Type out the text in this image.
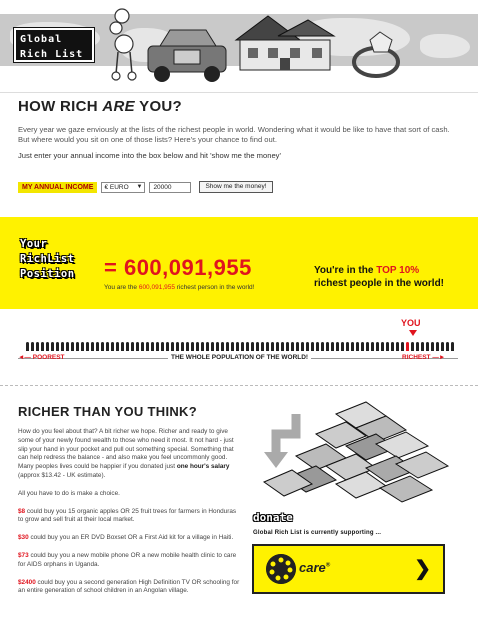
Global
Rich List
HOW RICH ARE YOU?

Every year we gaze enviously at the lists of the richest people in world. Wondering what it would be like to have that sort of cash. But where would you sit on one of those lists? Here's your chance to find out.

Just enter your annual income into the box below and hit 'show me the money'

MY ANNUAL INCOME	€ EURO ▼	20000	Show me the money!
Your
RichList
Position	= 600,091,955
You are the 600,091,955 richest person in the world!
You're in the TOP 10%
richest people in the world!
YOU
◄— POOREST	THE WHOLE POPULATION OF THE WORLD!	RICHEST —►
RICHER THAN YOU THINK?

How do you feel about that? A bit richer we hope. Richer and ready to give some of your newly found wealth to those who need it most. It not hard - just slip your hand in your pocket and pull out something special. Something that can help redress the balance - and also make you feel uncommonly good. Many peoples lives could be happier if you donated just one hour's salary (approx $13.42 - UK estimate).

All you have to do is make a choice.

$8 could buy you 15 organic apples OR 25 fruit trees for farmers in Honduras to grow and sell fruit at their local market.

$30 could buy you an ER DVD Boxset OR a First Aid kit for a village in Haiti.

$73 could buy you a new mobile phone OR a new mobile health clinic to care for AIDS orphans in Uganda.

$2400 could buy you a second generation High Definition TV OR schooling for an entire generation of school children in an Angolan village.

donate
Global Rich List is currently supporting ...
care®	❯
